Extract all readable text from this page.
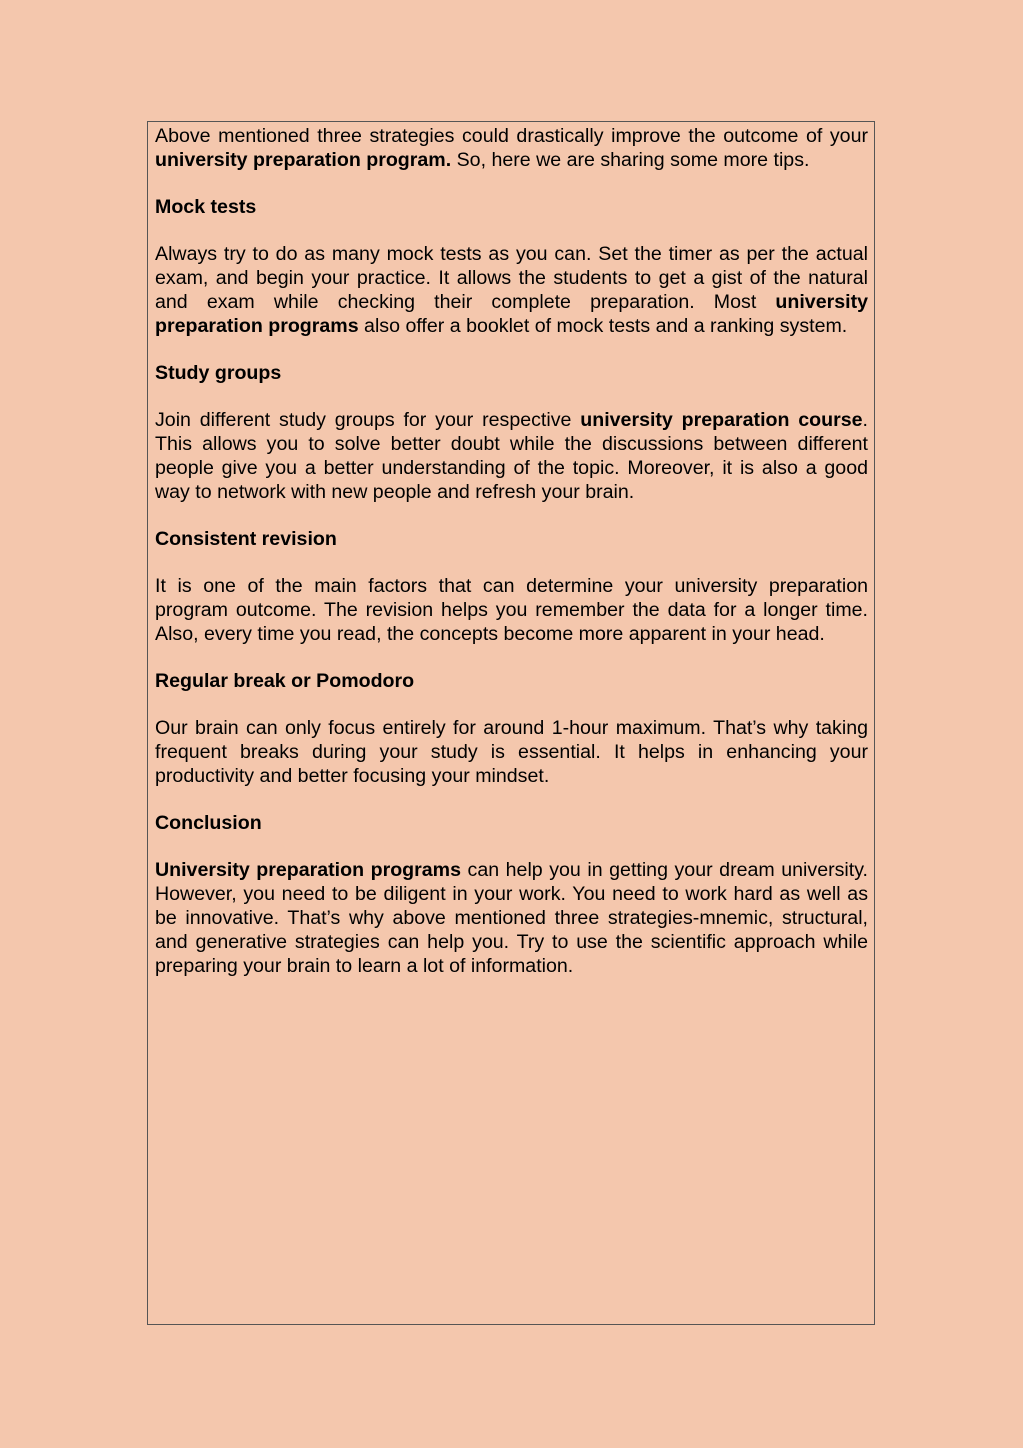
Above mentioned three strategies could drastically improve the outcome of your university preparation program. So, here we are sharing some more tips.

Mock tests

Always try to do as many mock tests as you can. Set the timer as per the actual exam, and begin your practice. It allows the students to get a gist of the natural and exam while checking their complete preparation. Most university preparation programs also offer a booklet of mock tests and a ranking system.

Study groups

Join different study groups for your respective university preparation course. This allows you to solve better doubt while the discussions between different people give you a better understanding of the topic. Moreover, it is also a good way to network with new people and refresh your brain.

Consistent revision

It is one of the main factors that can determine your university preparation program outcome. The revision helps you remember the data for a longer time. Also, every time you read, the concepts become more apparent in your head.

Regular break or Pomodoro

Our brain can only focus entirely for around 1-hour maximum. That’s why taking frequent breaks during your study is essential. It helps in enhancing your productivity and better focusing your mindset.

Conclusion

University preparation programs can help you in getting your dream university. However, you need to be diligent in your work. You need to work hard as well as be innovative. That’s why above mentioned three strategies-mnemic, structural, and generative strategies can help you. Try to use the scientific approach while preparing your brain to learn a lot of information.
